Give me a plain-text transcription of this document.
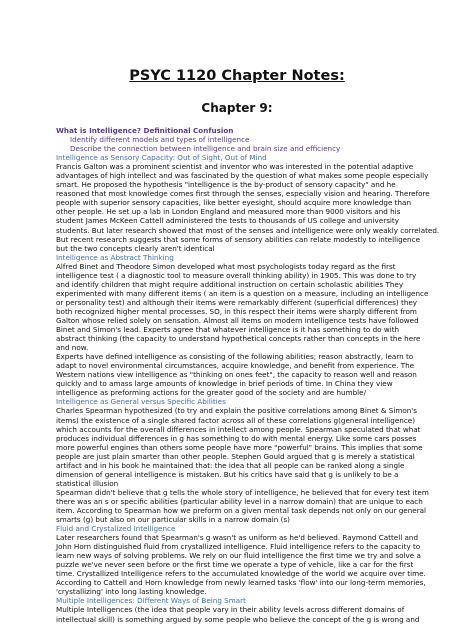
PSYC 1120 Chapter Notes:
Chapter 9:
What is Intelligence? Definitional Confusion
Identify different models and types of intelligence
Describe the connection between intelligence and brain size and efficiency
Intelligence as Sensory Capacity: Out of Sight, Out of Mind
Francis Galton was a prominent scientist and inventor who was interested in the potential adaptive
advantages of high intellect and was fascinated by the question of what makes some people especially
smart. He proposed the hypothesis "intelligence is the by-product of sensory capacity" and he
reasoned that most knowledge comes first through the senses, especially vision and hearing. Therefore
people with superior sensory capacities, like better eyesight, should acquire more knowledge than
other people. He set up a lab in London England and measured more than 9000 visitors and his
student James McKeen Cattell administered the tests to thousands of US college and university
students. But later research showed that most of the senses and intelligence were only weakly correlated.
But recent research suggests that some forms of sensory abilities can relate modestly to intelligence
but the two concepts clearly aren't identical
Intelligence as Abstract Thinking
Alfred Binet and Theodore Simon developed what most psychologists today regard as the first
intelligence test ( a diagnostic tool to measure overall thinking ability) in 1905. This was done to try
and identify children that might require additional instruction on certain scholastic abilities They
experimented with many different items ( an item is a question on a measure, including an intelligence
or personality test) and although their items were remarkably different (superficial differences) they
both recognized higher mental processes. SO, in this respect their items were sharply different from
Galton whose relied solely on sensation. Almost all items on modern intelligence tests have followed
Binet and Simon's lead. Experts agree that whatever intelligence is it has something to do with
abstract thinking (the capacity to understand hypothetical concepts rather than concepts in the here
and now.
Experts have defined intelligence as consisting of the following abilities; reason abstractly, learn to
adapt to novel environmental circumstances, acquire knowledge, and benefit from experience. The
Western nations view intelligence as "thinking on ones feet", the capacity to reason well and reason
quickly and to amass large amounts of knowledge in brief periods of time. In China they view
intelligence as preforming actions for the greater good of the society and are humble/
Intelligence as General versus Specific Abilities
Charles Spearman hypothesized (to try and explain the positive correlations among Binet & Simon's
items) the existence of a single shared factor across all of these correlations g(general intelligence)
which accounts for the overall differences in intellect among people. Spearman speculated that what
produces individual differences in g has something to do with mental energy. Like some cars posses
more powerful engines than others some people have more "powerful" brains. This implies that some
people are just plain smarter than other people. Stephen Gould argued that g is merely a statistical
artifact and in his book he maintained that: the idea that all people can be ranked along a single
dimension of general intelligence is mistaken. But his critics have said that g is unlikely to be a
statistical illusion
Spearman didn't believe that g tells the whole story of intelligence, he believed that for every test item
there was an s or specific abilities (particular ability level in a narrow domain) that are unique to each
item. According to Spearman how we preform on a given mental task depends not only on our general
smarts (g) but also on our particular skills in a narrow domain (s)
Fluid and Crystalized Intelligence
Later researchers found that Spearman's g wasn't as uniform as he'd believed. Raymond Cattell and
John Horn distinguished fluid from crystallized intelligence. Fluid intelligence refers to the capacity to
learn new ways of solving problems. We rely on our fluid intelligence the first time we try and solve a
puzzle we've never seen before or the first time we operate a type of vehicle, like a car for the first
time. Crystallized Intelligence refers to the accumulated knowledge of the world we acquire over time.
According to Cattell and Horn knowledge from newly learned tasks 'flow' into our long-term memories,
'crystallizing' into long lasting knowledge.
Multiple Intelligences: Different Ways of Being Smart
Multiple Intelligences (the idea that people vary in their ability levels across different domains of
intellectual skill) is something argued by some people who believe the concept of the g is wrong and
